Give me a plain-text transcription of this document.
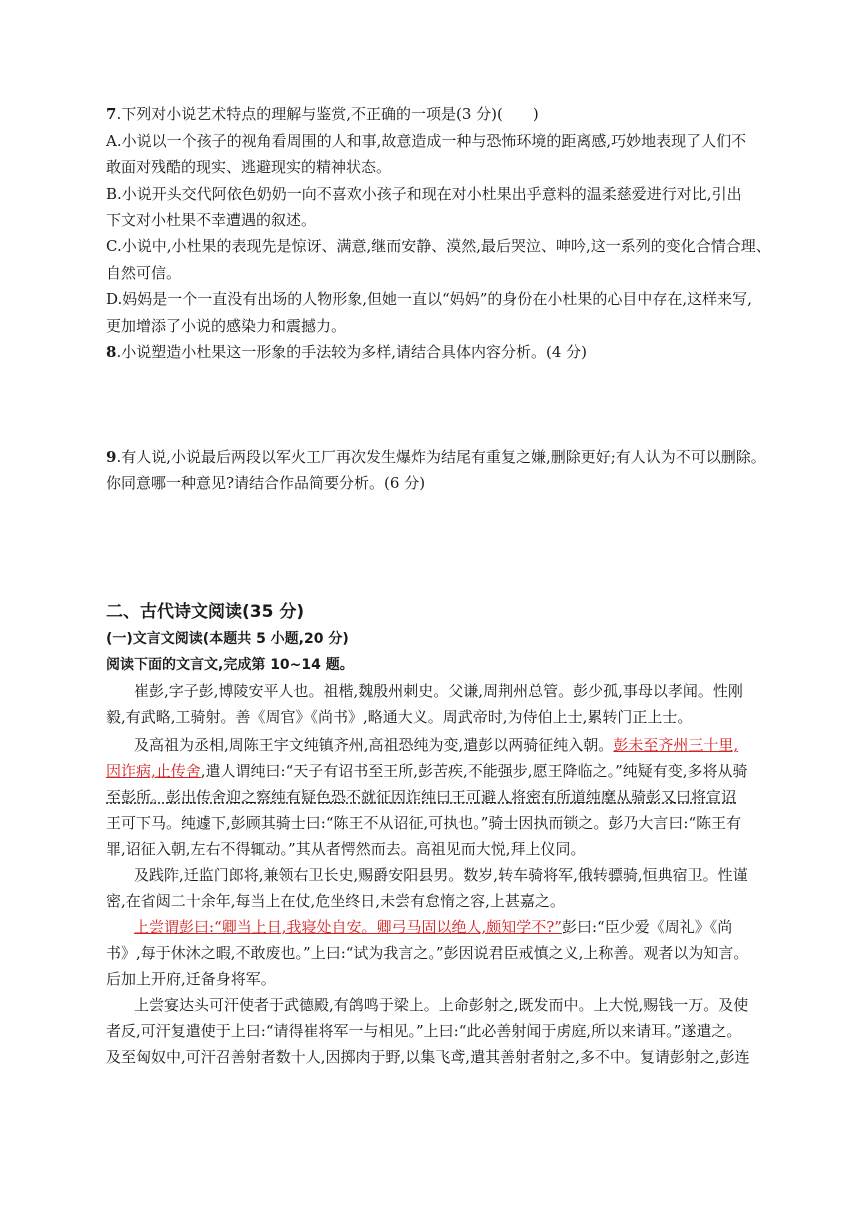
7.下列对小说艺术特点的理解与鉴赏,不正确的一项是(3 分)(　　)
A.小说以一个孩子的视角看周围的人和事,故意造成一种与恐怖环境的距离感,巧妙地表现了人们不
敢面对残酷的现实、逃避现实的精神状态。
B.小说开头交代阿依色奶奶一向不喜欢小孩子和现在对小杜果出乎意料的温柔慈爱进行对比,引出
下文对小杜果不幸遭遇的叙述。
C.小说中,小杜果的表现先是惊讶、满意,继而安静、漠然,最后哭泣、呻吟,这一系列的变化合情合理、
自然可信。
D.妈妈是一个一直没有出场的人物形象,但她一直以“妈妈”的身份在小杜果的心目中存在,这样来写,
更加增添了小说的感染力和震撼力。
8.小说塑造小杜果这一形象的手法较为多样,请结合具体内容分析。(4 分)
9.有人说,小说最后两段以军火工厂再次发生爆炸为结尾有重复之嫌,删除更好;有人认为不可以删除。
你同意哪一种意见?请结合作品简要分析。(6 分)
二、古代诗文阅读(35 分)
(一)文言文阅读(本题共 5 小题,20 分)
阅读下面的文言文,完成第 10~14 题。
崔彭,字子彭,博陵安平人也。祖楷,魏殷州刺史。父谦,周荆州总管。彭少孤,事母以孝闻。性刚
毅,有武略,工骑射。善《周官》《尚书》,略通大义。周武帝时,为侍伯上士,累转门正上士。
及高祖为丞相,周陈王宇文纯镇齐州,高祖恐纯为变,遣彭以两骑征纯入朝。彭未至齐州三十里,
因诈病,止传舍,遣人谓纯曰:“天子有诏书至王所,彭苦疾,不能强步,愿王降临之。”纯疑有变,多将从骑
至彭所。彭出传舍迎之察纯有疑色恐不就征因诈纯曰王可避人将密有所道纯麾从骑彭又曰将宣诏
王可下马。纯遽下,彭顾其骑士曰:“陈王不从诏征,可执也。”骑士因执而锁之。彭乃大言曰:“陈王有
罪,诏征入朝,左右不得辄动。”其从者愕然而去。高祖见而大悦,拜上仪同。
及践阼,迁监门郎将,兼领右卫长史,赐爵安阳县男。数岁,转车骑将军,俄转骠骑,恒典宿卫。性谨
密,在省闼二十余年,每当上在仗,危坐终日,未尝有怠惰之容,上甚嘉之。
上尝谓彭曰:“卿当上日,我寝处自安。卿弓马固以绝人,颇知学不?”彭曰:“臣少爱《周礼》《尚
书》,每于休沐之暇,不敢废也。”上曰:“试为我言之。”彭因说君臣戒慎之义,上称善。观者以为知言。
后加上开府,迁备身将军。
上尝宴达头可汗使者于武德殿,有鸽鸣于梁上。上命彭射之,既发而中。上大悦,赐钱一万。及使
者反,可汗复遣使于上曰:“请得崔将军一与相见。”上曰:“此必善射闻于虏庭,所以来请耳。”遂遣之。
及至匈奴中,可汗召善射者数十人,因掷肉于野,以集飞鸢,遣其善射者射之,多不中。复请彭射之,彭连
